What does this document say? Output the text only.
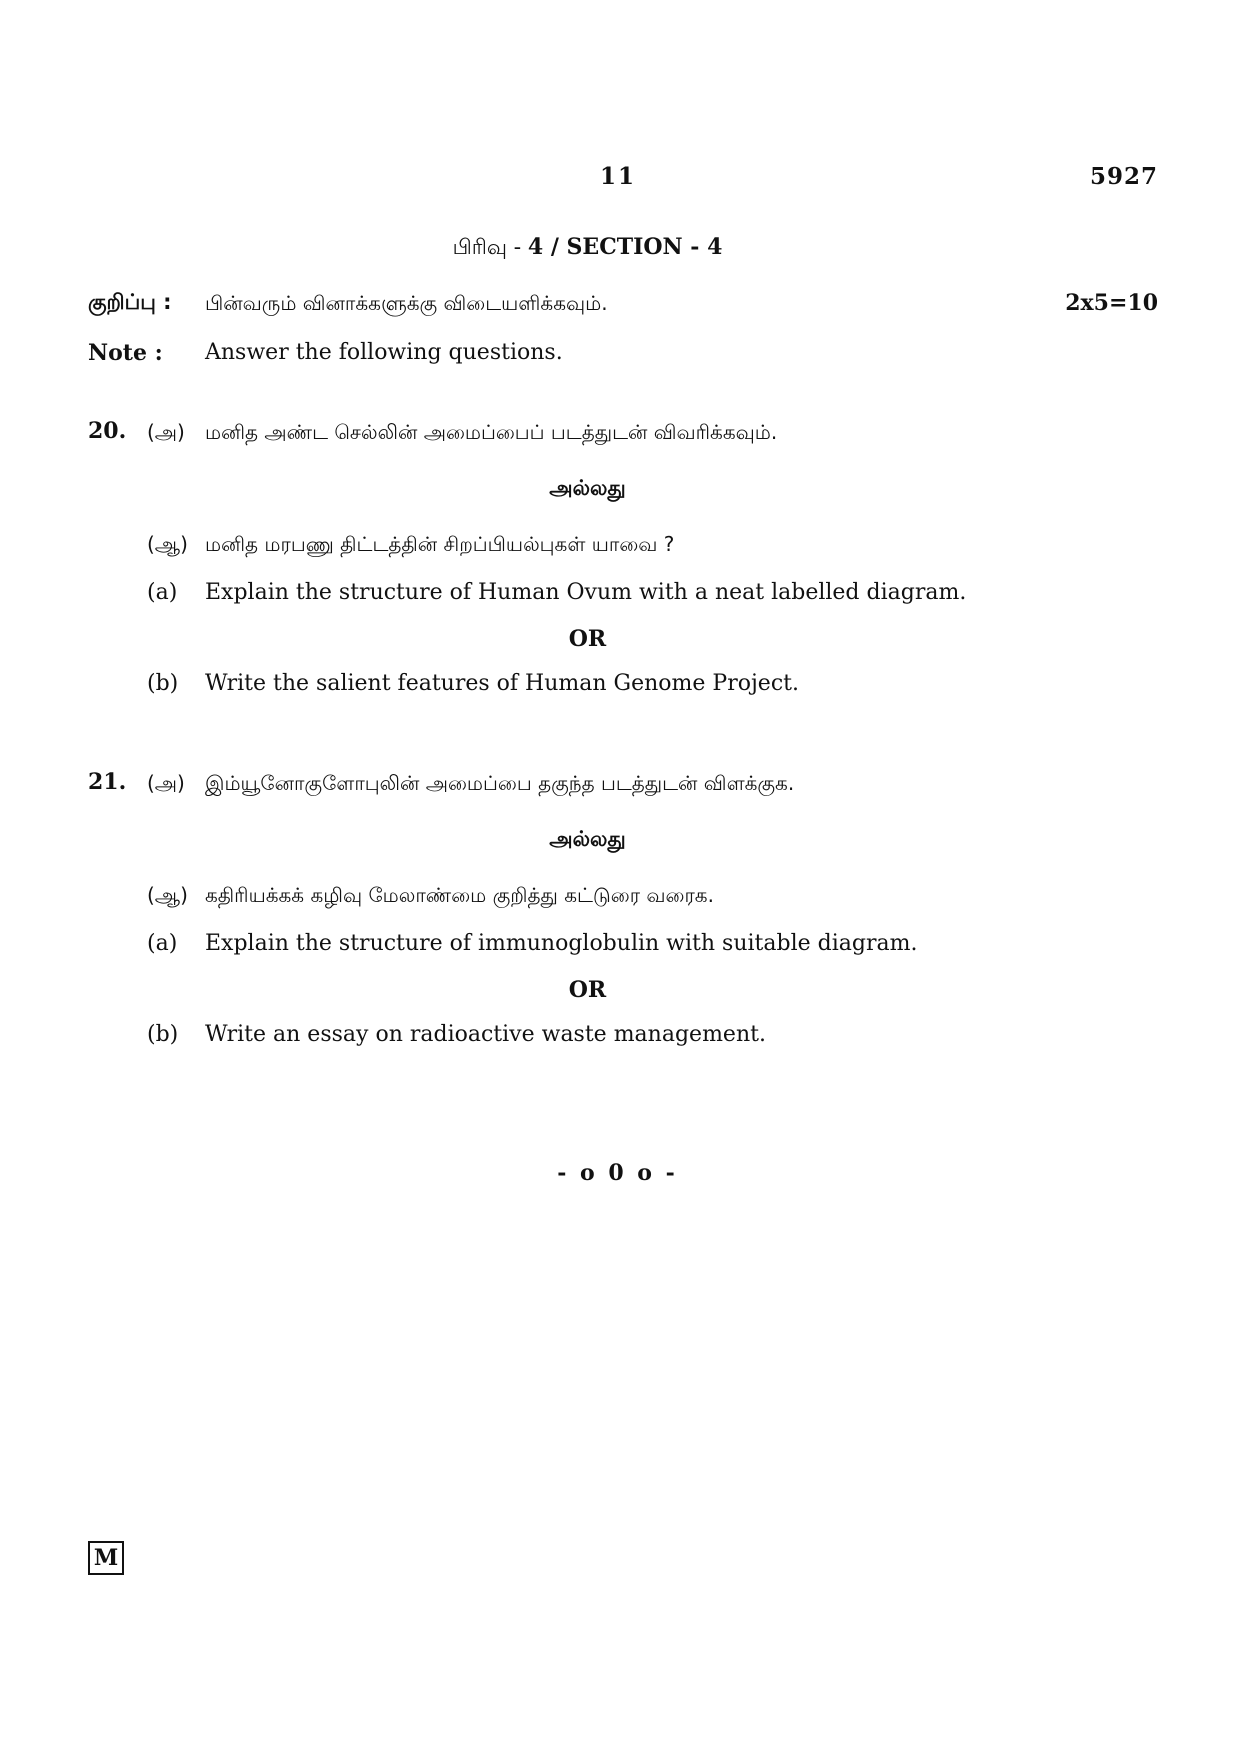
11	5927
பிரிவு - 4 / SECTION - 4
குறிப்பு : பின்வரும் வினாக்களுக்கு விடையளிக்கவும்.	2x5=10
Note : Answer the following questions.
20. (அ) மனித அண்ட செல்லின் அமைப்பைப் படத்துடன் விவரிக்கவும்.
அல்லது
(ஆ) மனித மரபணு திட்டத்தின் சிறப்பியல்புகள் யாவை ?
(a) Explain the structure of Human Ovum with a neat labelled diagram.
OR
(b) Write the salient features of Human Genome Project.
21. (அ) இம்யூனோகுளோபுலின் அமைப்பை தகுந்த படத்துடன் விளக்குக.
அல்லது
(ஆ) கதிரியக்கக் கழிவு மேலாண்மை குறித்து கட்டுரை வரைக.
(a) Explain the structure of immunoglobulin with suitable diagram.
OR
(b) Write an essay on radioactive waste management.
- o 0 o -
M
